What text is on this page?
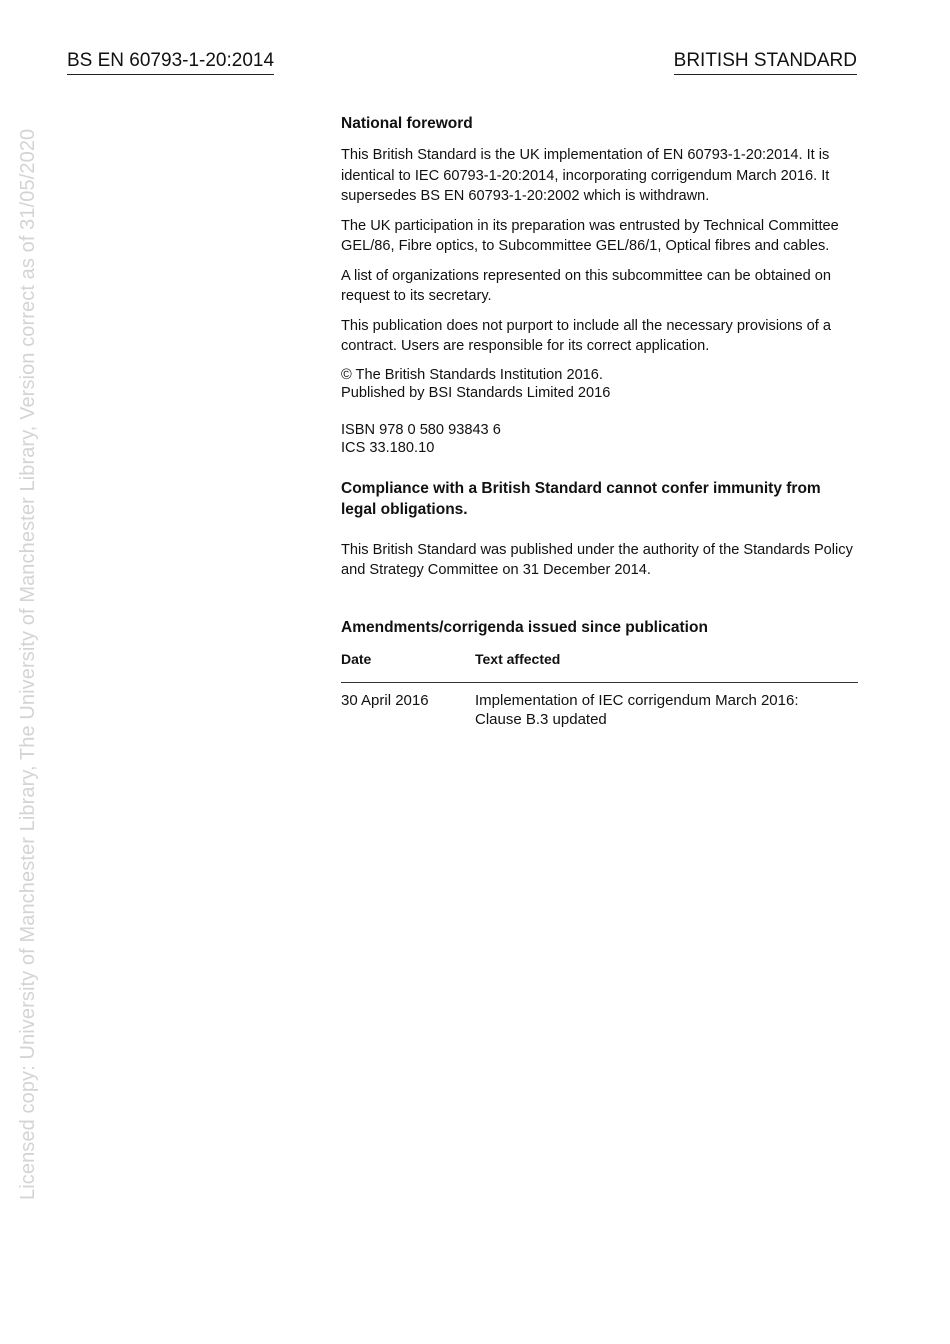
BS EN 60793-1-20:2014	BRITISH STANDARD
Licensed copy: University of Manchester Library, The University of Manchester Library, Version correct as of 31/05/2020

National foreword

This British Standard is the UK implementation of EN 60793-1-20:2014. It is identical to IEC 60793-1-20:2014, incorporating corrigendum March 2016. It supersedes BS EN 60793-1-20:2002 which is withdrawn.

The UK participation in its preparation was entrusted by Technical Committee GEL/86, Fibre optics, to Subcommittee GEL/86/1, Optical fibres and cables.

A list of organizations represented on this subcommittee can be obtained on request to its secretary.

This publication does not purport to include all the necessary provisions of a contract. Users are responsible for its correct application.

© The British Standards Institution 2016.

Published by BSI Standards Limited 2016

ISBN 978 0 580 93843 6

ICS 33.180.10

Compliance with a British Standard cannot confer immunity from legal obligations.

This British Standard was published under the authority of the Standards Policy and Strategy Committee on 31 December 2014.

Amendments/corrigenda issued since publication

Date	Text affected
30 April 2016	Implementation of IEC corrigendum March 2016:
Clause B.3 updated
